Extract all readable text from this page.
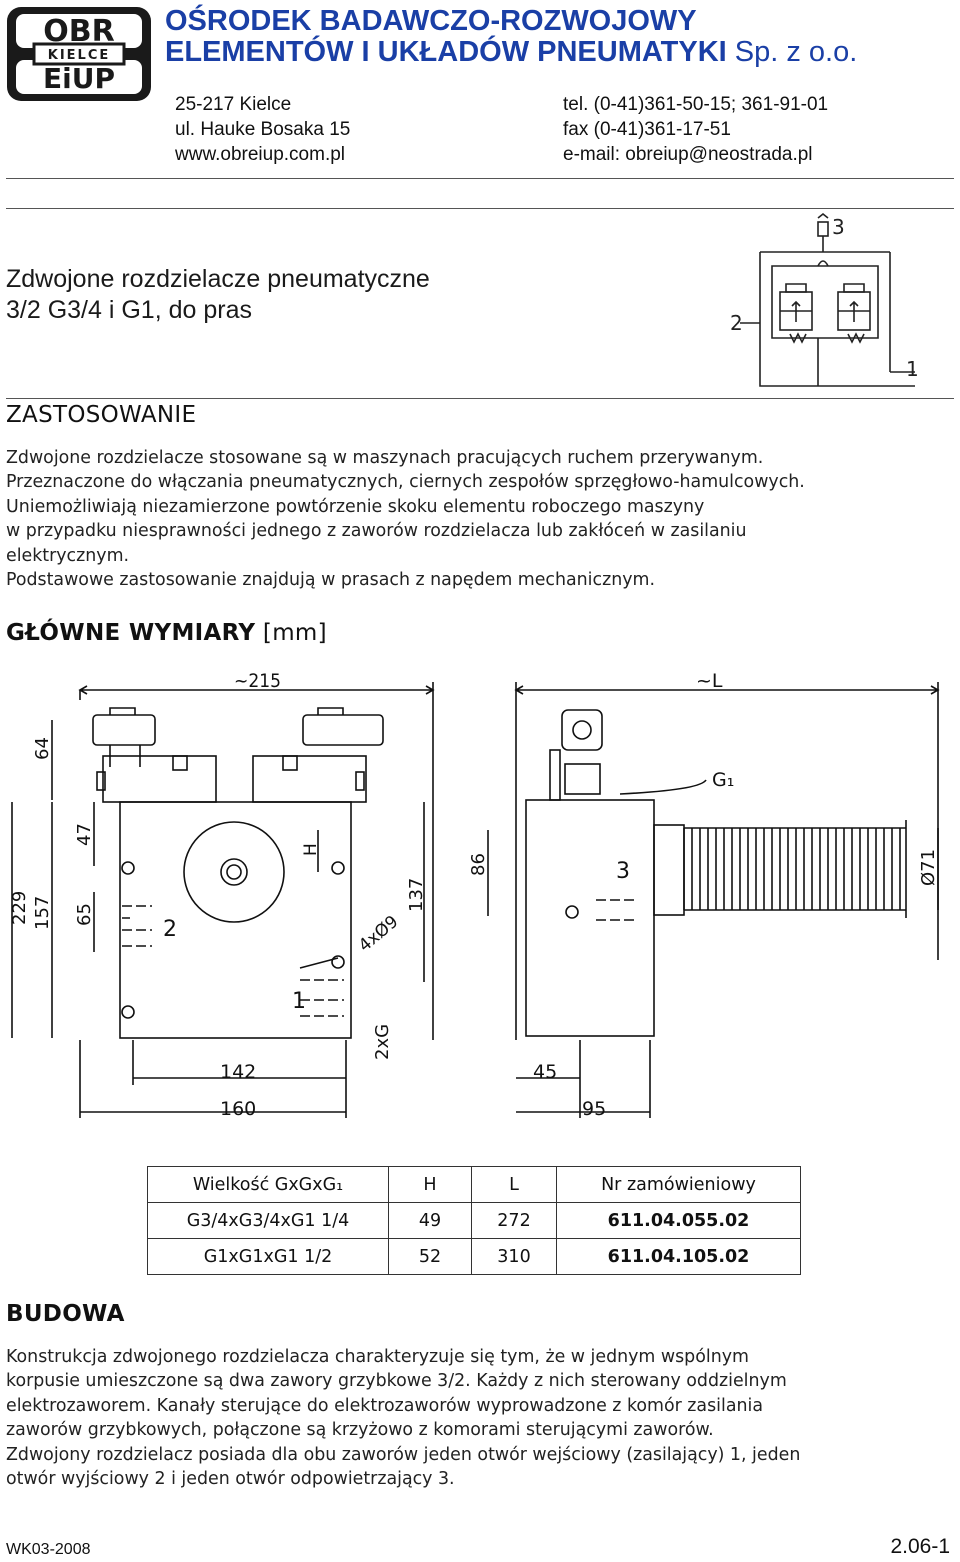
OBR
KIELCE
EiUP
OŚRODEK BADAWCZO-ROZWOJOWY
ELEMENTÓW I UKŁADÓW PNEUMATYKI Sp. z o.o.
25-217 Kielce
ul. Hauke Bosaka 15
www.obreiup.com.pl
tel. (0-41)361-50-15; 361-91-01
fax (0-41)361-17-51
e-mail: obreiup@neostrada.pl
Zdwojone rozdzielacze pneumatyczne
3/2 G3/4 i G1, do pras
3
2
1
ZASTOSOWANIE
Zdwojone rozdzielacze stosowane są w maszynach pracujących ruchem przerywanym.
Przeznaczone do włączania pneumatycznych, ciernych zespołów sprzęgłowo-hamulcowych.
Uniemożliwiają niezamierzone powtórzenie skoku elementu roboczego maszyny
w przypadku niesprawności jednego z zaworów rozdzielacza lub zakłóceń w zasilaniu
elektrycznym.
Podstawowe zastosowanie znajdują w prasach z napędem mechanicznym.
GŁÓWNE WYMIARY [mm]
~215	~L
2
1
4xØ9
229
64
157
47
65
H
137
142
160
2xG
3
G₁
86	Ø71
45
95
Wielkość GxGxG₁	H	L	Nr zamówieniowy
G3/4xG3/4xG1 1/4	49	272	611.04.055.02
G1xG1xG1 1/2	52	310	611.04.105.02
BUDOWA
Konstrukcja zdwojonego rozdzielacza charakteryzuje się tym, że w jednym wspólnym
korpusie umieszczone są dwa zawory grzybkowe 3/2. Każdy z nich sterowany oddzielnym
elektrozaworem. Kanały sterujące do elektrozaworów wyprowadzone z komór zasilania
zaworów grzybkowych, połączone są krzyżowo z komorami sterującymi zaworów.
Zdwojony rozdzielacz posiada dla obu zaworów jeden otwór wejściowy (zasilający) 1, jeden
otwór wyjściowy 2 i jeden otwór odpowietrzający 3.
WK03-2008	2.06-1
